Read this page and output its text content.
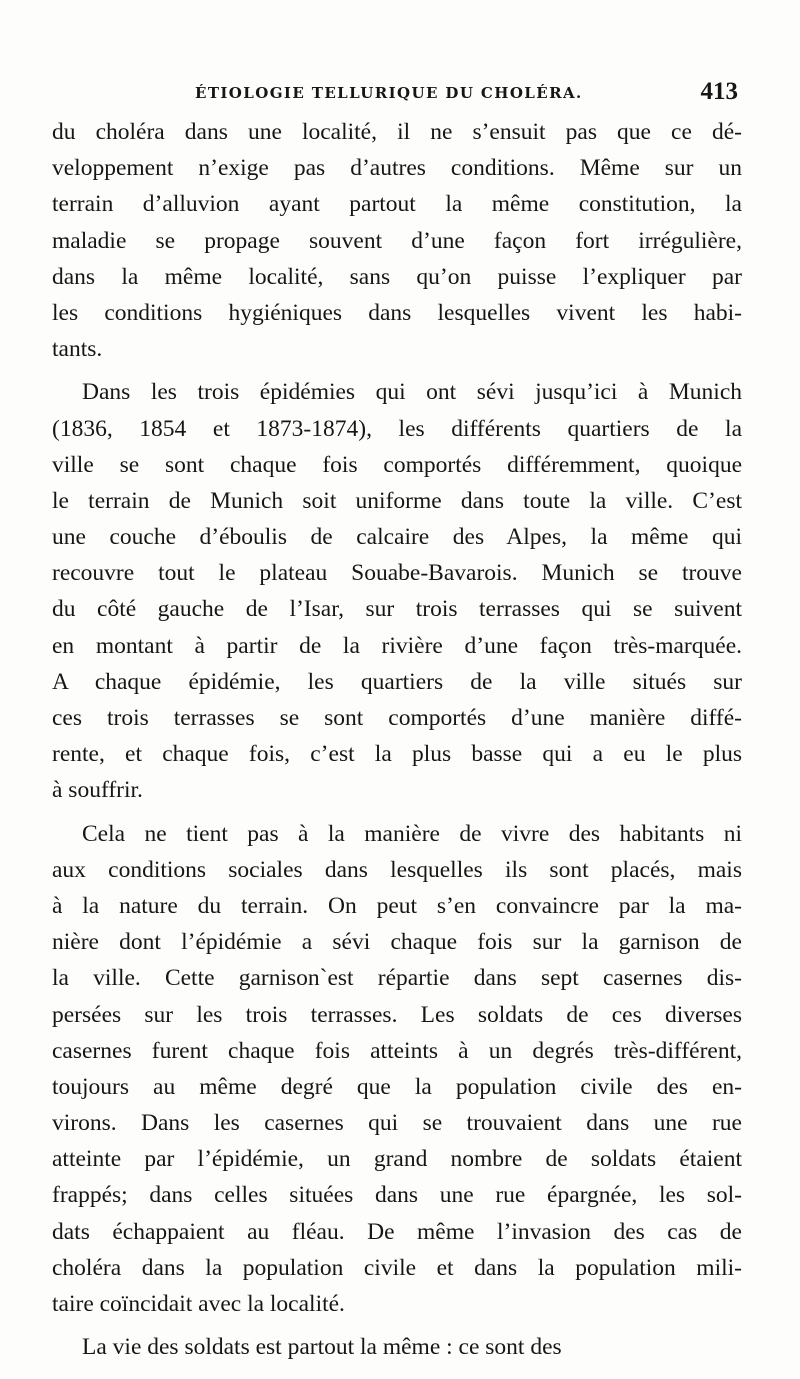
ÉTIOLOGIE TELLURIQUE DU CHOLÉRA.	413
du choléra dans une localité, il ne s’ensuit pas que ce dé-
veloppement n’exige pas d’autres conditions. Même sur un
terrain d’alluvion ayant partout la même constitution, la
maladie se propage souvent d’une façon fort irrégulière,
dans la même localité, sans qu’on puisse l’expliquer par
les conditions hygiéniques dans lesquelles vivent les habi-
tants.
Dans les trois épidémies qui ont sévi jusqu’ici à Munich
(1836, 1854 et 1873-1874), les différents quartiers de la
ville se sont chaque fois comportés différemment, quoique
le terrain de Munich soit uniforme dans toute la ville. C’est
une couche d’éboulis de calcaire des Alpes, la même qui
recouvre tout le plateau Souabe-Bavarois. Munich se trouve
du côté gauche de l’Isar, sur trois terrasses qui se suivent
en montant à partir de la rivière d’une façon très-marquée.
A chaque épidémie, les quartiers de la ville situés sur
ces trois terrasses se sont comportés d’une manière diffé-
rente, et chaque fois, c’est la plus basse qui a eu le plus
à souffrir.
Cela ne tient pas à la manière de vivre des habitants ni
aux conditions sociales dans lesquelles ils sont placés, mais
à la nature du terrain. On peut s’en convaincre par la ma-
nière dont l’épidémie a sévi chaque fois sur la garnison de
la ville. Cette garnison`est répartie dans sept casernes dis-
persées sur les trois terrasses. Les soldats de ces diverses
casernes furent chaque fois atteints à un degrés très-différent,
toujours au même degré que la population civile des en-
virons. Dans les casernes qui se trouvaient dans une rue
atteinte par l’épidémie, un grand nombre de soldats étaient
frappés; dans celles situées dans une rue épargnée, les sol-
dats échappaient au fléau. De même l’invasion des cas de
choléra dans la population civile et dans la population mili-
taire coïncidait avec la localité.
La vie des soldats est partout la même : ce sont des
